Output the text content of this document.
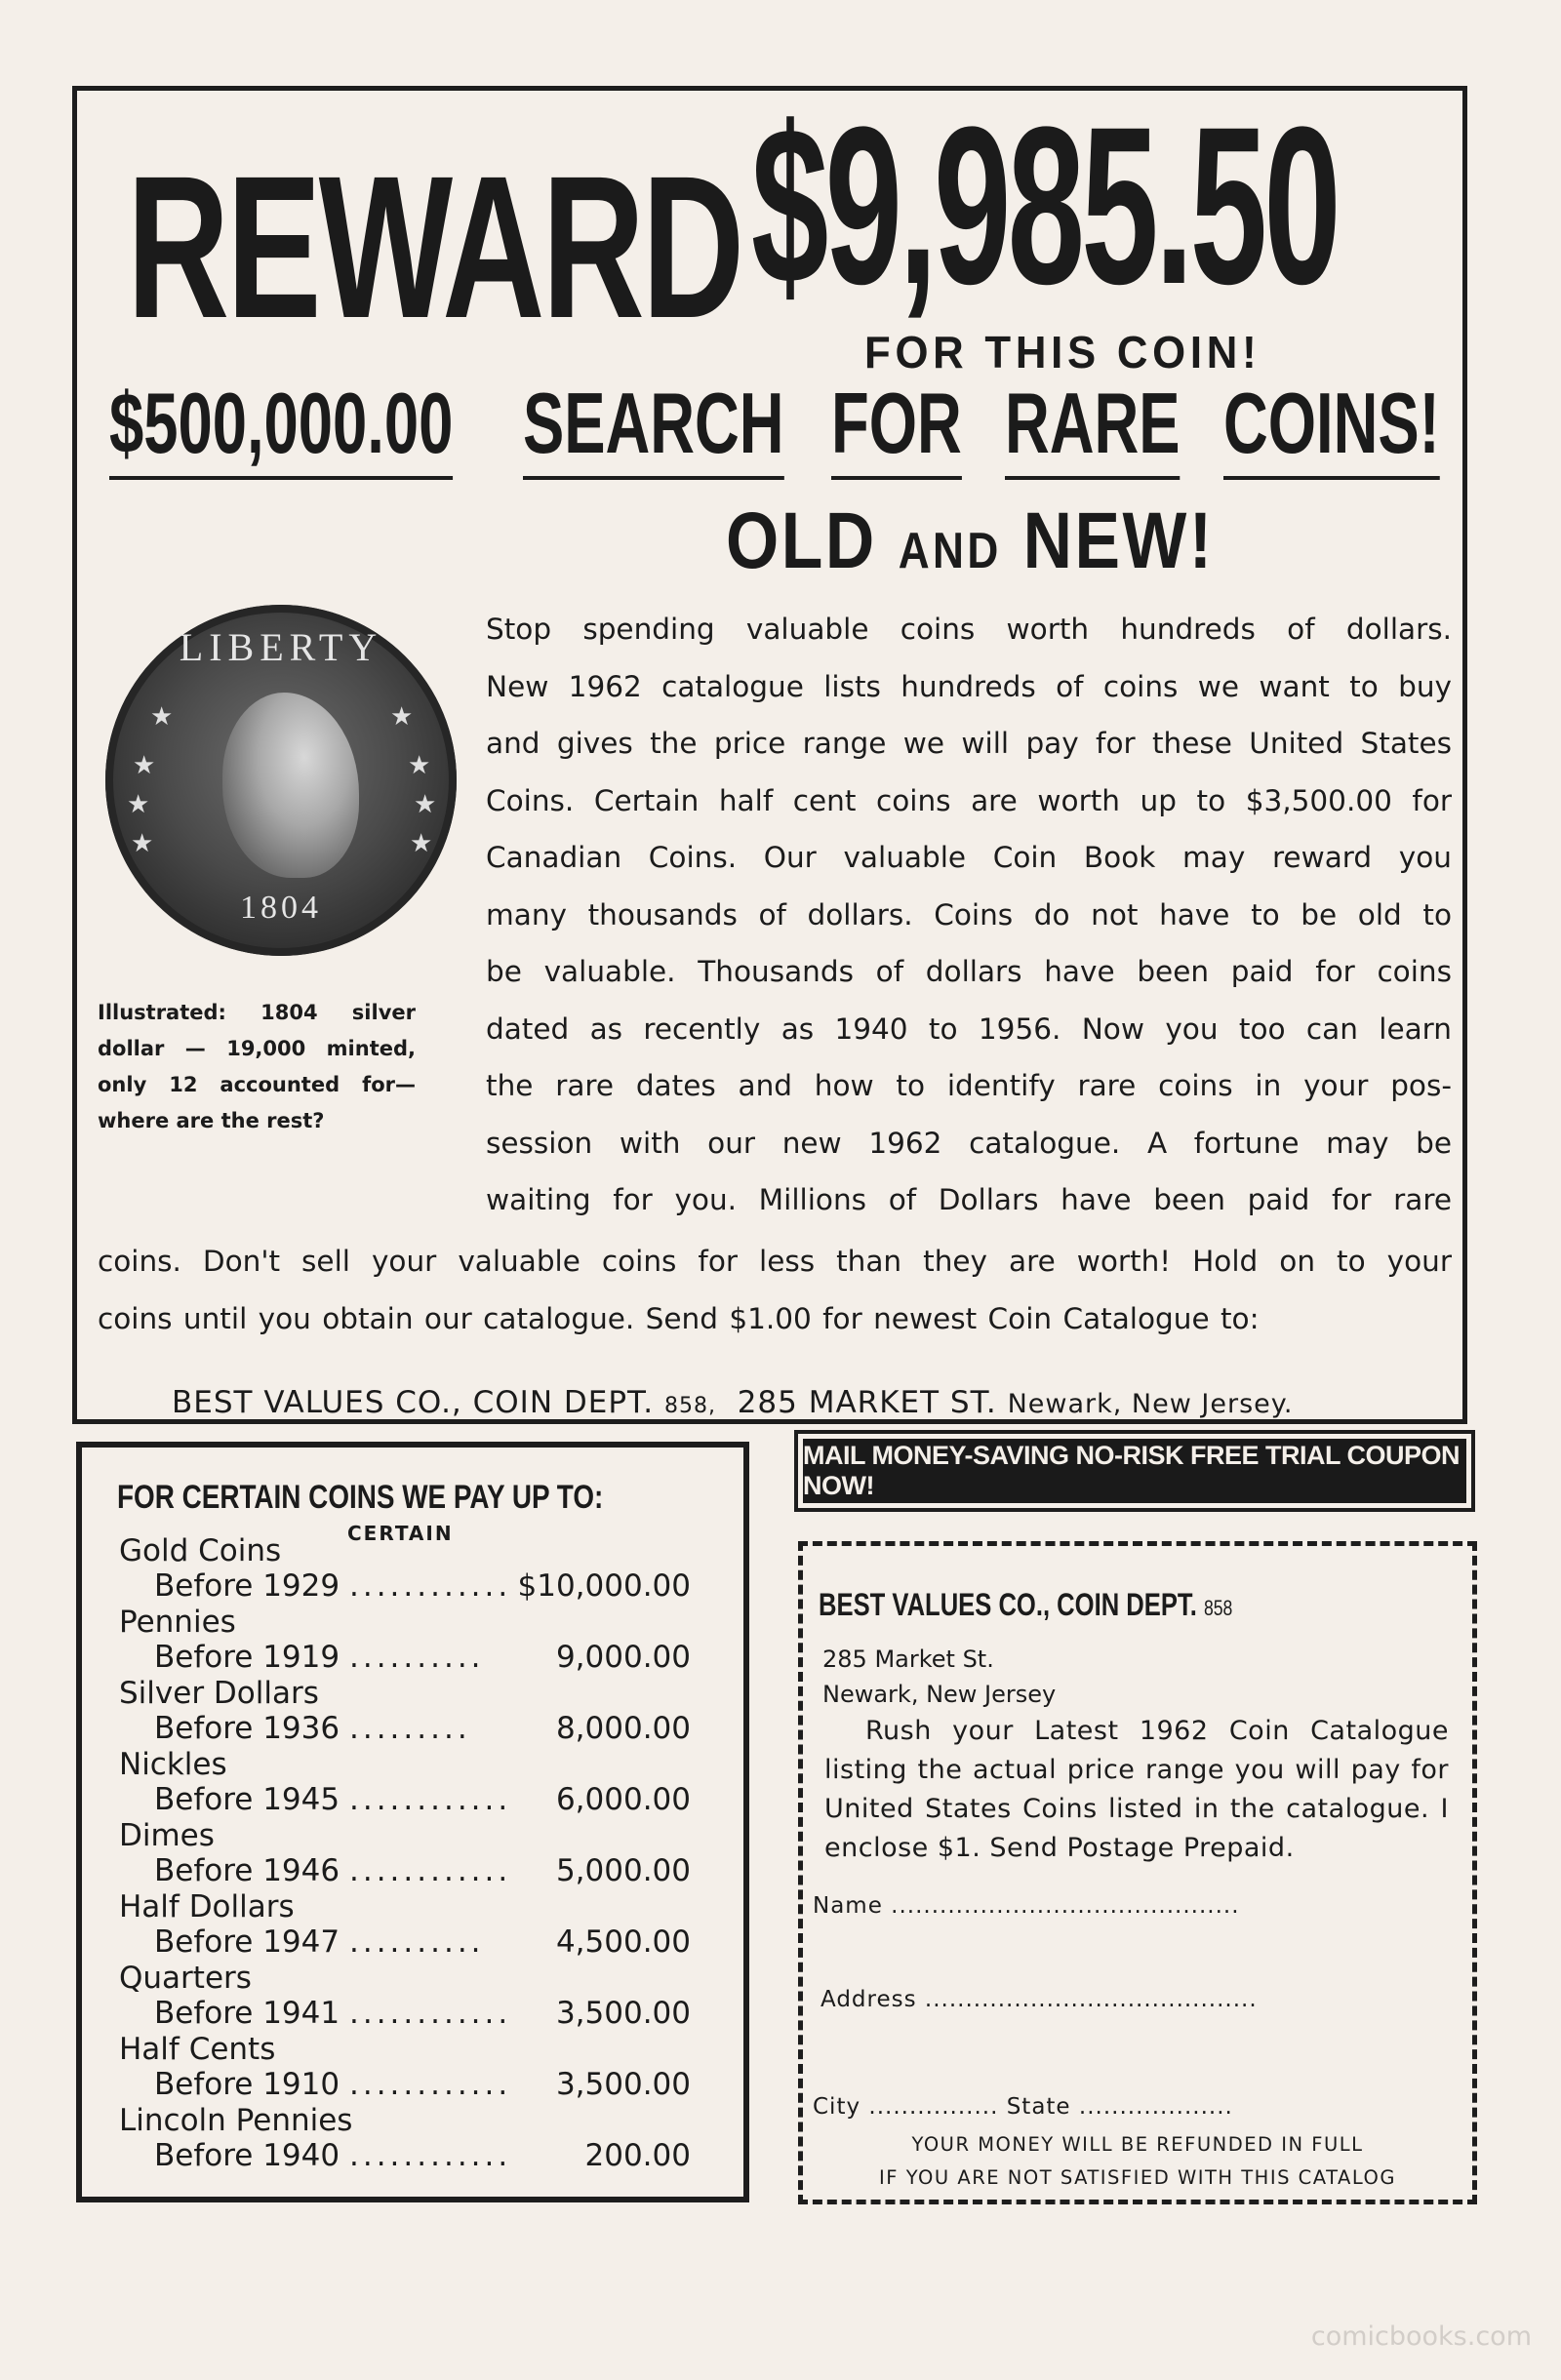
REWARD $9,985.50
FOR THIS COIN!
$500,000.00 SEARCH FOR RARE COINS!
OLD AND NEW!
LIBERTY
★
★
★
★
★
★
★
★
1804
Illustrated: 1804 silver dollar — 19,000 minted, only 12 accounted for— where are the rest?

Stop spending valuable coins worth hundreds of dollars.

New 1962 catalogue lists hundreds of coins we want to buy

and gives the price range we will pay for these United States

Coins. Certain half cent coins are worth up to $3,500.00 for

Canadian Coins. Our valuable Coin Book may reward you

many thousands of dollars. Coins do not have to be old to

be valuable. Thousands of dollars have been paid for coins

dated as recently as 1940 to 1956. Now you too can learn

the rare dates and how to identify rare coins in your pos-

session with our new 1962 catalogue. A fortune may be

waiting for you. Millions of Dollars have been paid for rare

coins. Don't sell your valuable coins for less than they are worth! Hold on to your

coins until you obtain our catalogue. Send $1.00 for newest Coin Catalogue to:

BEST VALUES CO., COIN DEPT. 858, 285 MARKET ST. Newark, New Jersey.
FOR CERTAIN COINS WE PAY UP TO:
CERTAIN
Gold Coins
Before 1929 ............ $10,000.00
Pennies
Before 1919 .......... 9,000.00
Silver Dollars
Before 1936 .........	8,000.00
Nickles
Before 1945 ............ 6,000.00
Dimes
Before 1946 ............ 5,000.00
Half Dollars
Before 1947 .......... 4,500.00
Quarters
Before 1941 ............ 3,500.00
Half Cents
Before 1910 ............ 3,500.00
Lincoln Pennies
Before 1940 ............ 200.00
MAIL MONEY-SAVING NO-RISK FREE TRIAL COUPON NOW!
BEST VALUES CO., COIN DEPT. 858
285 Market St.
Newark, New Jersey
Rush your Latest 1962 Coin Catalogue listing the actual price range you will pay for United States Coins listed in the catalogue. I enclose $1. Send Postage Prepaid.
Name ...........................................
Address .........................................
City ................ State ...................
YOUR MONEY WILL BE REFUNDED IN FULL
IF YOU ARE NOT SATISFIED WITH THIS CATALOG
comicbooks.com
